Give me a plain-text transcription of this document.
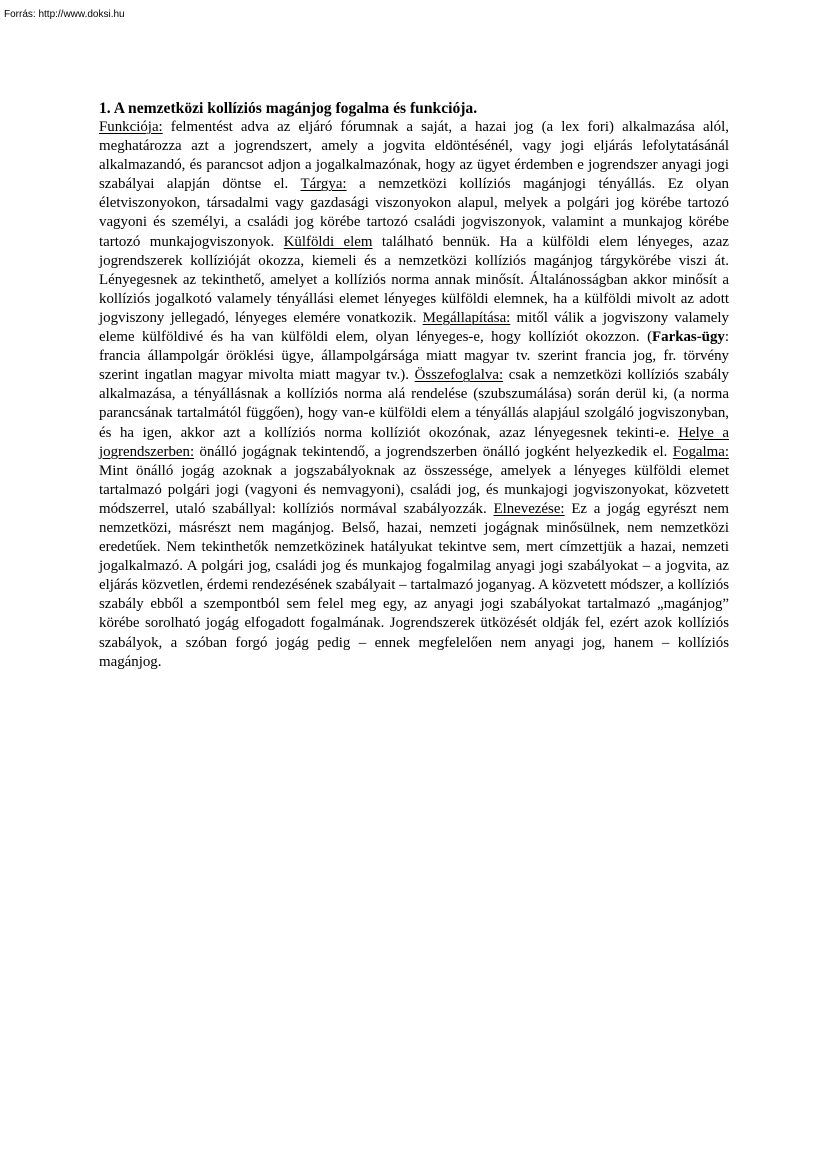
Forrás: http://www.doksi.hu
1. A nemzetközi kollíziós magánjog fogalma és funkciója.

Funkciója: felmentést adva az eljáró fórumnak a saját, a hazai jog (a lex fori) alkalmazása alól, meghatározza azt a jogrendszert, amely a jogvita eldöntésénél, vagy jogi eljárás lefolytatásánál alkalmazandó, és parancsot adjon a jogalkalmazónak, hogy az ügyet érdemben e jogrendszer anyagi jogi szabályai alapján döntse el. Tárgya: a nemzetközi kollíziós magánjogi tényállás. Ez olyan életviszonyokon, társadalmi vagy gazdasági viszonyokon alapul, melyek a polgári jog körébe tartozó vagyoni és személyi, a családi jog körébe tartozó családi jogviszonyok, valamint a munkajog körébe tartozó munkajogviszonyok. Külföldi elem található bennük. Ha a külföldi elem lényeges, azaz jogrendszerek kollízióját okozza, kiemeli és a nemzetközi kollíziós magánjog tárgykörébe viszi át. Lényegesnek az tekinthető, amelyet a kollíziós norma annak minősít. Általánosságban akkor minősít a kollíziós jogalkotó valamely tényállási elemet lényeges külföldi elemnek, ha a külföldi mivolt az adott jogviszony jellegadó, lényeges elemére vonatkozik. Megállapítása: mitől válik a jogviszony valamely eleme külföldivé és ha van külföldi elem, olyan lényeges-e, hogy kollíziót okozzon. (Farkas-ügy: francia állampolgár öröklési ügye, állampolgársága miatt magyar tv. szerint francia jog, fr. törvény szerint ingatlan magyar mivolta miatt magyar tv.). Összefoglalva: csak a nemzetközi kollíziós szabály alkalmazása, a tényállásnak a kollíziós norma alá rendelése (szubszumálása) során derül ki, (a norma parancsának tartalmától függően), hogy van-e külföldi elem a tényállás alapjául szolgáló jogviszonyban, és ha igen, akkor azt a kollíziós norma kollíziót okozónak, azaz lényegesnek tekinti-e. Helye a jogrendszerben: önálló jogágnak tekintendő, a jogrendszerben önálló jogként helyezkedik el. Fogalma: Mint önálló jogág azoknak a jogszabályoknak az összessége, amelyek a lényeges külföldi elemet tartalmazó polgári jogi (vagyoni és nemvagyoni), családi jog, és munkajogi jogviszonyokat, közvetett módszerrel, utaló szabállyal: kollíziós normával szabályozzák. Elnevezése: Ez a jogág egyrészt nem nemzetközi, másrészt nem magánjog. Belső, hazai, nemzeti jogágnak minősülnek, nem nemzetközi eredetűek. Nem tekinthetők nemzetközinek hatályukat tekintve sem, mert címzettjük a hazai, nemzeti jogalkalmazó. A polgári jog, családi jog és munkajog fogalmilag anyagi jogi szabályokat – a jogvita, az eljárás közvetlen, érdemi rendezésének szabályait – tartalmazó joganyag. A közvetett módszer, a kollíziós szabály ebből a szempontból sem felel meg egy, az anyagi jogi szabályokat tartalmazó „magánjog” körébe sorolható jogág elfogadott fogalmának. Jogrendszerek ütközését oldják fel, ezért azok kollíziós szabályok, a szóban forgó jogág pedig – ennek megfelelően nem anyagi jog, hanem – kollíziós magánjog.
